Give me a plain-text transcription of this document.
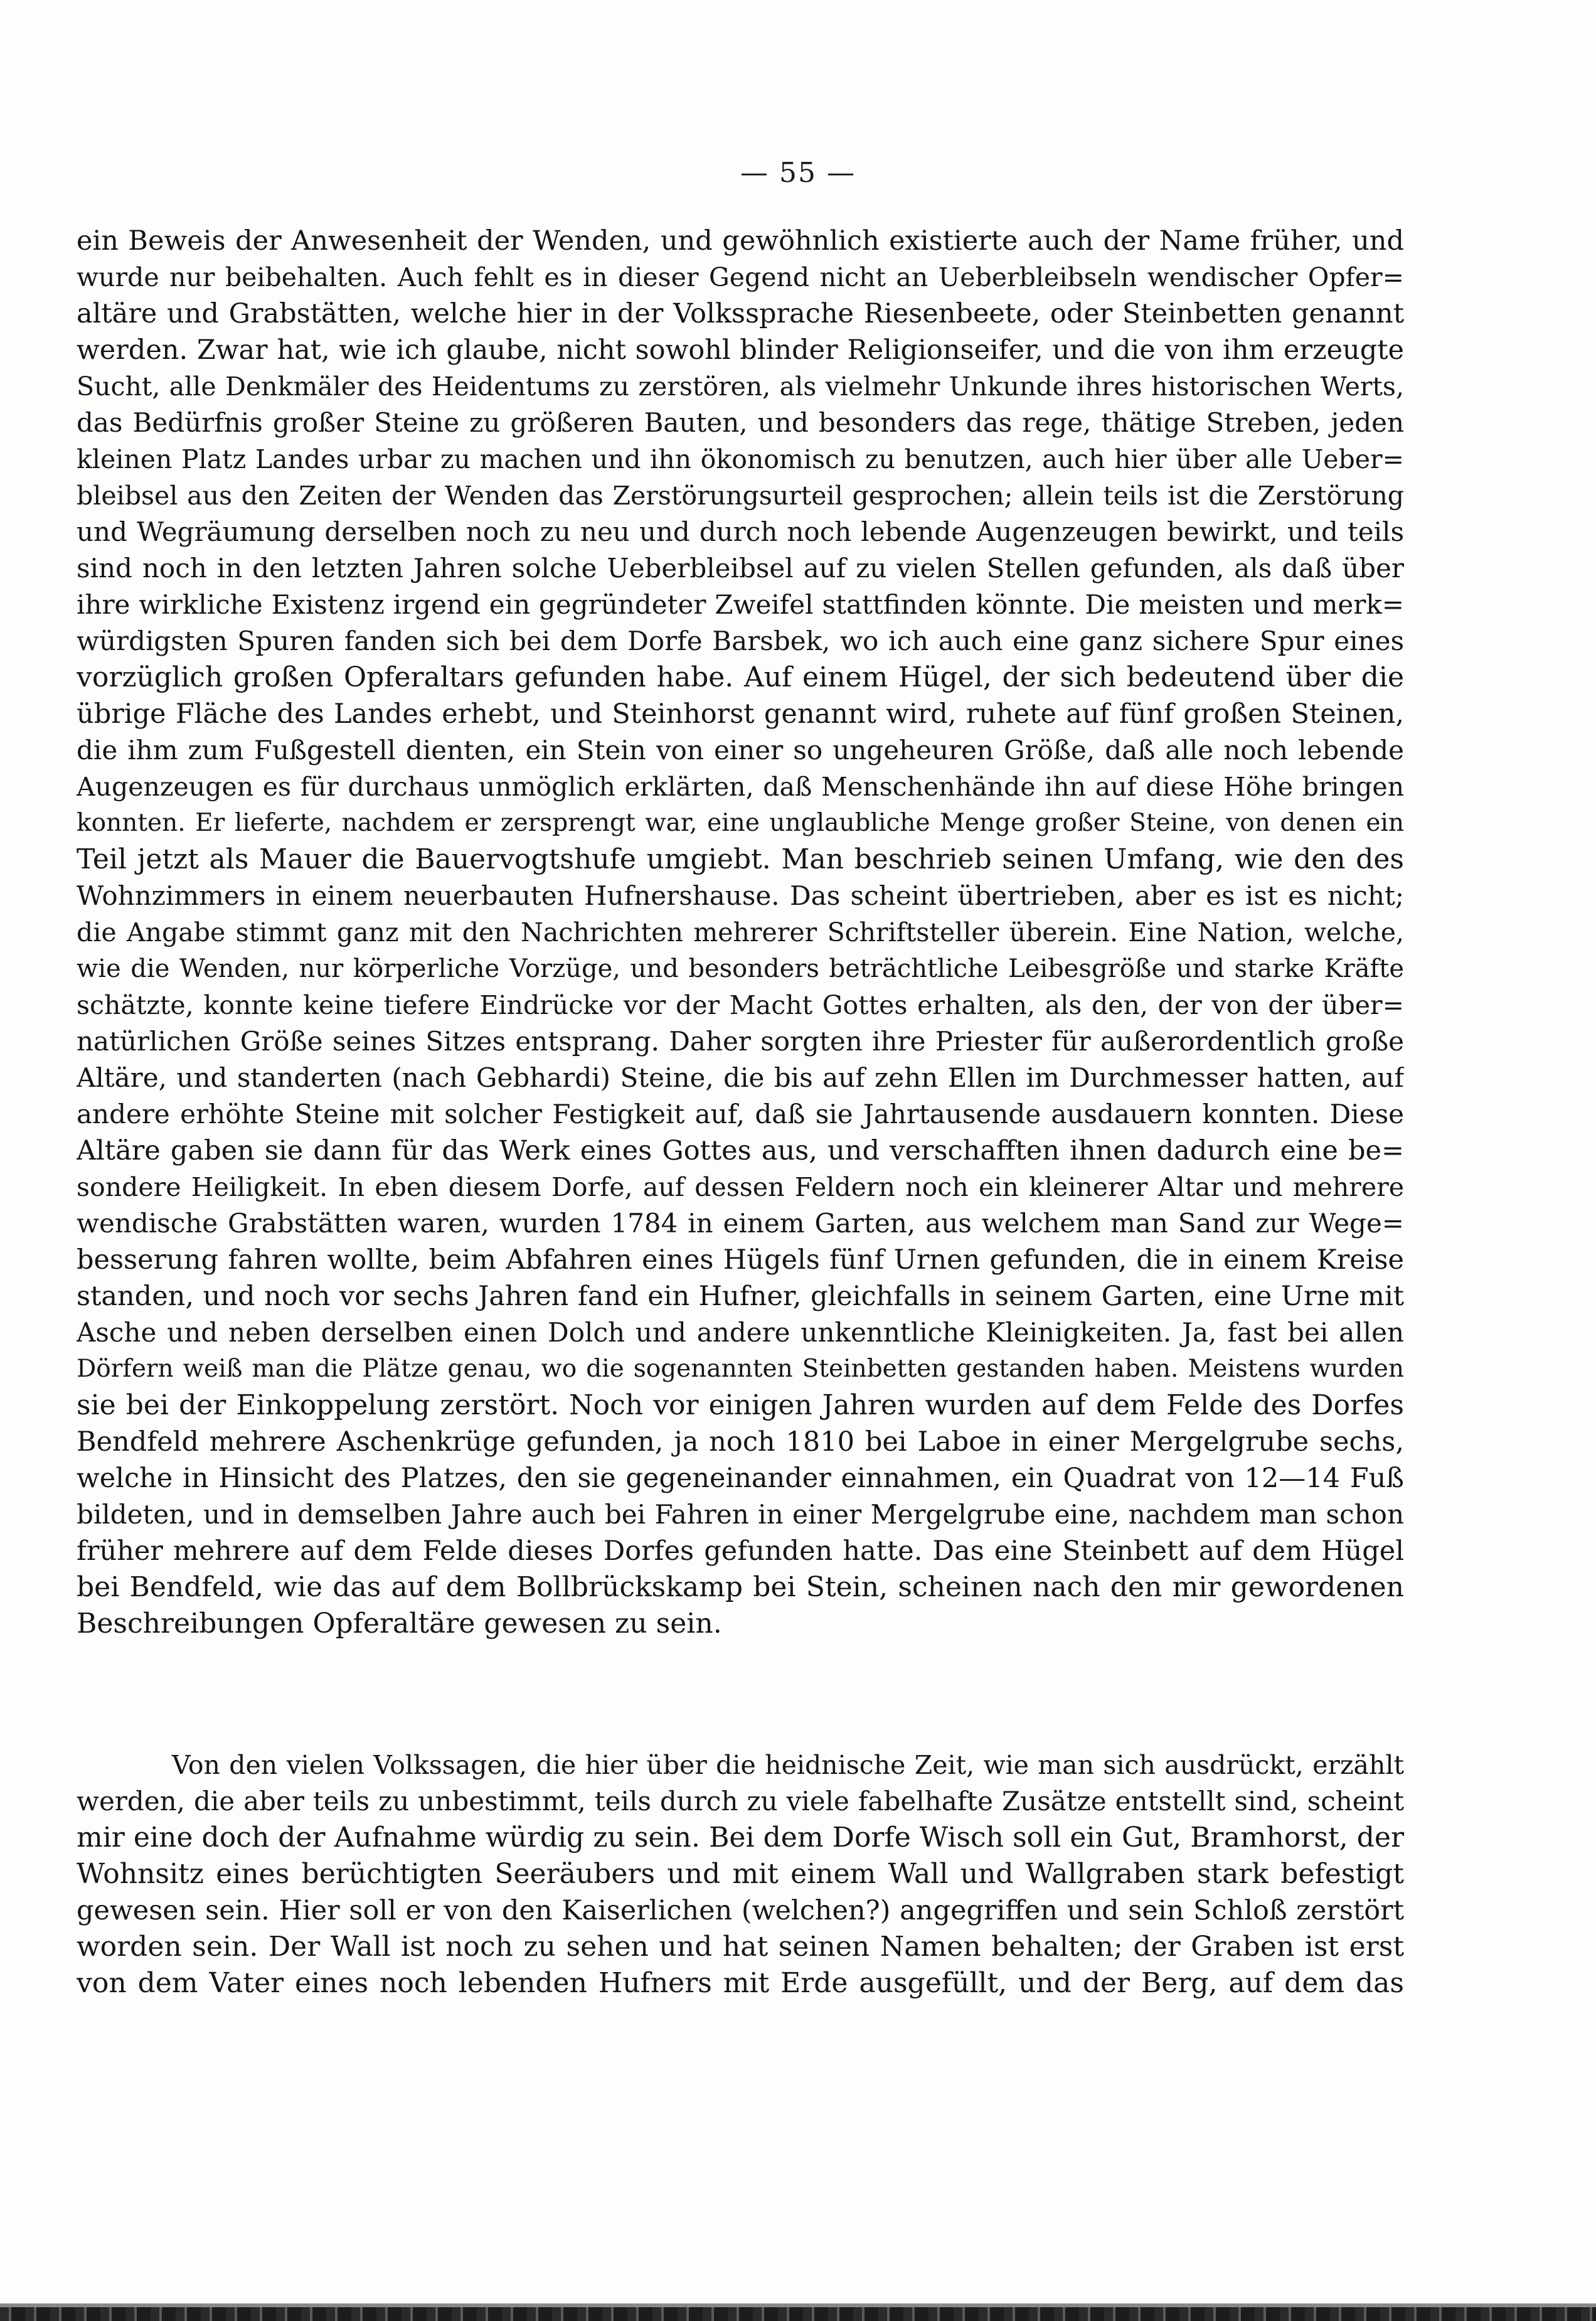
— 55 —
ein Beweis der Anwesenheit der Wenden, und gewöhnlich existierte auch der Name früher, und
wurde nur beibehalten. Auch fehlt es in dieser Gegend nicht an Ueberbleibseln wendischer Opfer=
altäre und Grabstätten, welche hier in der Volkssprache Riesenbeete, oder Steinbetten genannt
werden. Zwar hat, wie ich glaube, nicht sowohl blinder Religionseifer, und die von ihm erzeugte
Sucht, alle Denkmäler des Heidentums zu zerstören, als vielmehr Unkunde ihres historischen Werts,
das Bedürfnis großer Steine zu größeren Bauten, und besonders das rege, thätige Streben, jeden
kleinen Platz Landes urbar zu machen und ihn ökonomisch zu benutzen, auch hier über alle Ueber=
bleibsel aus den Zeiten der Wenden das Zerstörungsurteil gesprochen; allein teils ist die Zerstörung
und Wegräumung derselben noch zu neu und durch noch lebende Augenzeugen bewirkt, und teils
sind noch in den letzten Jahren solche Ueberbleibsel auf zu vielen Stellen gefunden, als daß über
ihre wirkliche Existenz irgend ein gegründeter Zweifel stattfinden könnte. Die meisten und merk=
würdigsten Spuren fanden sich bei dem Dorfe Barsbek, wo ich auch eine ganz sichere Spur eines
vorzüglich großen Opferaltars gefunden habe. Auf einem Hügel, der sich bedeutend über die
übrige Fläche des Landes erhebt, und Steinhorst genannt wird, ruhete auf fünf großen Steinen,
die ihm zum Fußgestell dienten, ein Stein von einer so ungeheuren Größe, daß alle noch lebende
Augenzeugen es für durchaus unmöglich erklärten, daß Menschenhände ihn auf diese Höhe bringen
konnten. Er lieferte, nachdem er zersprengt war, eine unglaubliche Menge großer Steine, von denen ein
Teil jetzt als Mauer die Bauervogtshufe umgiebt. Man beschrieb seinen Umfang, wie den des
Wohnzimmers in einem neuerbauten Hufnershause. Das scheint übertrieben, aber es ist es nicht;
die Angabe stimmt ganz mit den Nachrichten mehrerer Schriftsteller überein. Eine Nation, welche,
wie die Wenden, nur körperliche Vorzüge, und besonders beträchtliche Leibesgröße und starke Kräfte
schätzte, konnte keine tiefere Eindrücke vor der Macht Gottes erhalten, als den, der von der über=
natürlichen Größe seines Sitzes entsprang. Daher sorgten ihre Priester für außerordentlich große
Altäre, und standerten (nach Gebhardi) Steine, die bis auf zehn Ellen im Durchmesser hatten, auf
andere erhöhte Steine mit solcher Festigkeit auf, daß sie Jahrtausende ausdauern konnten. Diese
Altäre gaben sie dann für das Werk eines Gottes aus, und verschafften ihnen dadurch eine be=
sondere Heiligkeit. In eben diesem Dorfe, auf dessen Feldern noch ein kleinerer Altar und mehrere
wendische Grabstätten waren, wurden 1784 in einem Garten, aus welchem man Sand zur Wege=
besserung fahren wollte, beim Abfahren eines Hügels fünf Urnen gefunden, die in einem Kreise
standen, und noch vor sechs Jahren fand ein Hufner, gleichfalls in seinem Garten, eine Urne mit
Asche und neben derselben einen Dolch und andere unkenntliche Kleinigkeiten. Ja, fast bei allen
Dörfern weiß man die Plätze genau, wo die sogenannten Steinbetten gestanden haben. Meistens wurden
sie bei der Einkoppelung zerstört. Noch vor einigen Jahren wurden auf dem Felde des Dorfes
Bendfeld mehrere Aschenkrüge gefunden, ja noch 1810 bei Laboe in einer Mergelgrube sechs,
welche in Hinsicht des Platzes, den sie gegeneinander einnahmen, ein Quadrat von 12—14 Fuß
bildeten, und in demselben Jahre auch bei Fahren in einer Mergelgrube eine, nachdem man schon
früher mehrere auf dem Felde dieses Dorfes gefunden hatte. Das eine Steinbett auf dem Hügel
bei Bendfeld, wie das auf dem Bollbrückskamp bei Stein, scheinen nach den mir gewordenen
Beschreibungen Opferaltäre gewesen zu sein.
Von den vielen Volkssagen, die hier über die heidnische Zeit, wie man sich ausdrückt, erzählt
werden, die aber teils zu unbestimmt, teils durch zu viele fabelhafte Zusätze entstellt sind, scheint
mir eine doch der Aufnahme würdig zu sein. Bei dem Dorfe Wisch soll ein Gut, Bramhorst, der
Wohnsitz eines berüchtigten Seeräubers und mit einem Wall und Wallgraben stark befestigt
gewesen sein. Hier soll er von den Kaiserlichen (welchen?) angegriffen und sein Schloß zerstört
worden sein. Der Wall ist noch zu sehen und hat seinen Namen behalten; der Graben ist erst
von dem Vater eines noch lebenden Hufners mit Erde ausgefüllt, und der Berg, auf dem das
